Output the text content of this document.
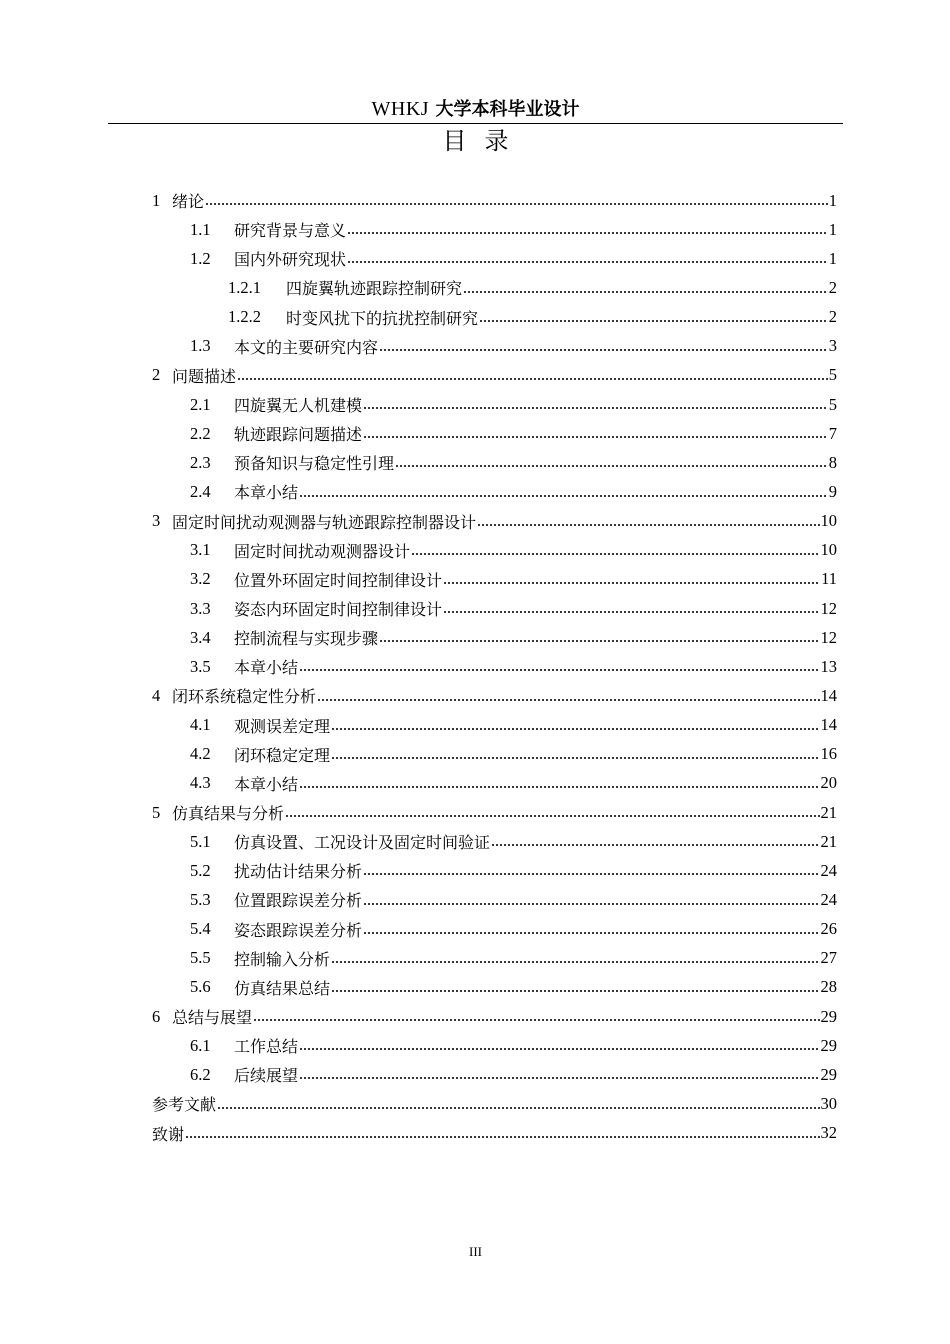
WHKJ 大学本科毕业设计
目录
1 绪论	1
1.1	研究背景与意义	1
1.2	国内外研究现状	1
1.2.1	四旋翼轨迹跟踪控制研究	2
1.2.2	时变风扰下的抗扰控制研究	2
1.3	本文的主要研究内容	3
2 问题描述	5
2.1	四旋翼无人机建模	5
2.2	轨迹跟踪问题描述	7
2.3	预备知识与稳定性引理	8
2.4	本章小结	9
3 固定时间扰动观测器与轨迹跟踪控制器设计	10
3.1	固定时间扰动观测器设计	10
3.2	位置外环固定时间控制律设计	11
3.3	姿态内环固定时间控制律设计	12
3.4	控制流程与实现步骤	12
3.5	本章小结	13
4 闭环系统稳定性分析	14
4.1	观测误差定理	14
4.2	闭环稳定定理	16
4.3	本章小结	20
5 仿真结果与分析	21
5.1	仿真设置、工况设计及固定时间验证	21
5.2	扰动估计结果分析	24
5.3	位置跟踪误差分析	24
5.4	姿态跟踪误差分析	26
5.5	控制输入分析	27
5.6	仿真结果总结	28
6 总结与展望	29
6.1	工作总结	29
6.2	后续展望	29
参考文献	30
致谢	32
III
